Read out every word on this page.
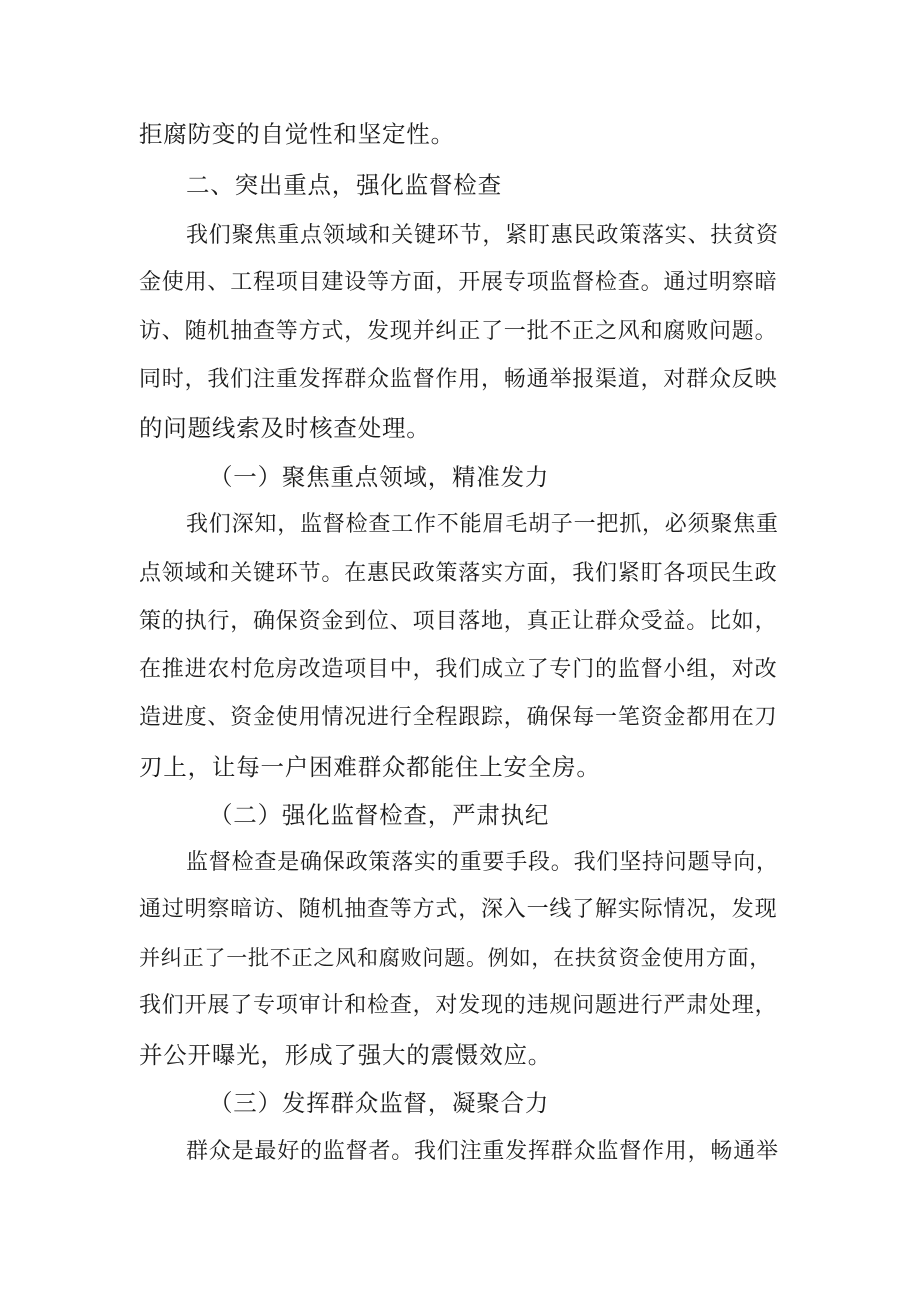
拒腐防变的自觉性和坚定性。
二、突出重点，强化监督检查
我们聚焦重点领域和关键环节，紧盯惠民政策落实、扶贫资
金使用、工程项目建设等方面，开展专项监督检查。通过明察暗
访、随机抽查等方式，发现并纠正了一批不正之风和腐败问题。
同时，我们注重发挥群众监督作用，畅通举报渠道，对群众反映
的问题线索及时核查处理。
（一）聚焦重点领域，精准发力
我们深知，监督检查工作不能眉毛胡子一把抓，必须聚焦重
点领域和关键环节。在惠民政策落实方面，我们紧盯各项民生政
策的执行，确保资金到位、项目落地，真正让群众受益。比如，
在推进农村危房改造项目中，我们成立了专门的监督小组，对改
造进度、资金使用情况进行全程跟踪，确保每一笔资金都用在刀
刃上，让每一户困难群众都能住上安全房。
（二）强化监督检查，严肃执纪
监督检查是确保政策落实的重要手段。我们坚持问题导向，
通过明察暗访、随机抽查等方式，深入一线了解实际情况，发现
并纠正了一批不正之风和腐败问题。例如，在扶贫资金使用方面，
我们开展了专项审计和检查，对发现的违规问题进行严肃处理，
并公开曝光，形成了强大的震慑效应。
（三）发挥群众监督，凝聚合力
群众是最好的监督者。我们注重发挥群众监督作用，畅通举
